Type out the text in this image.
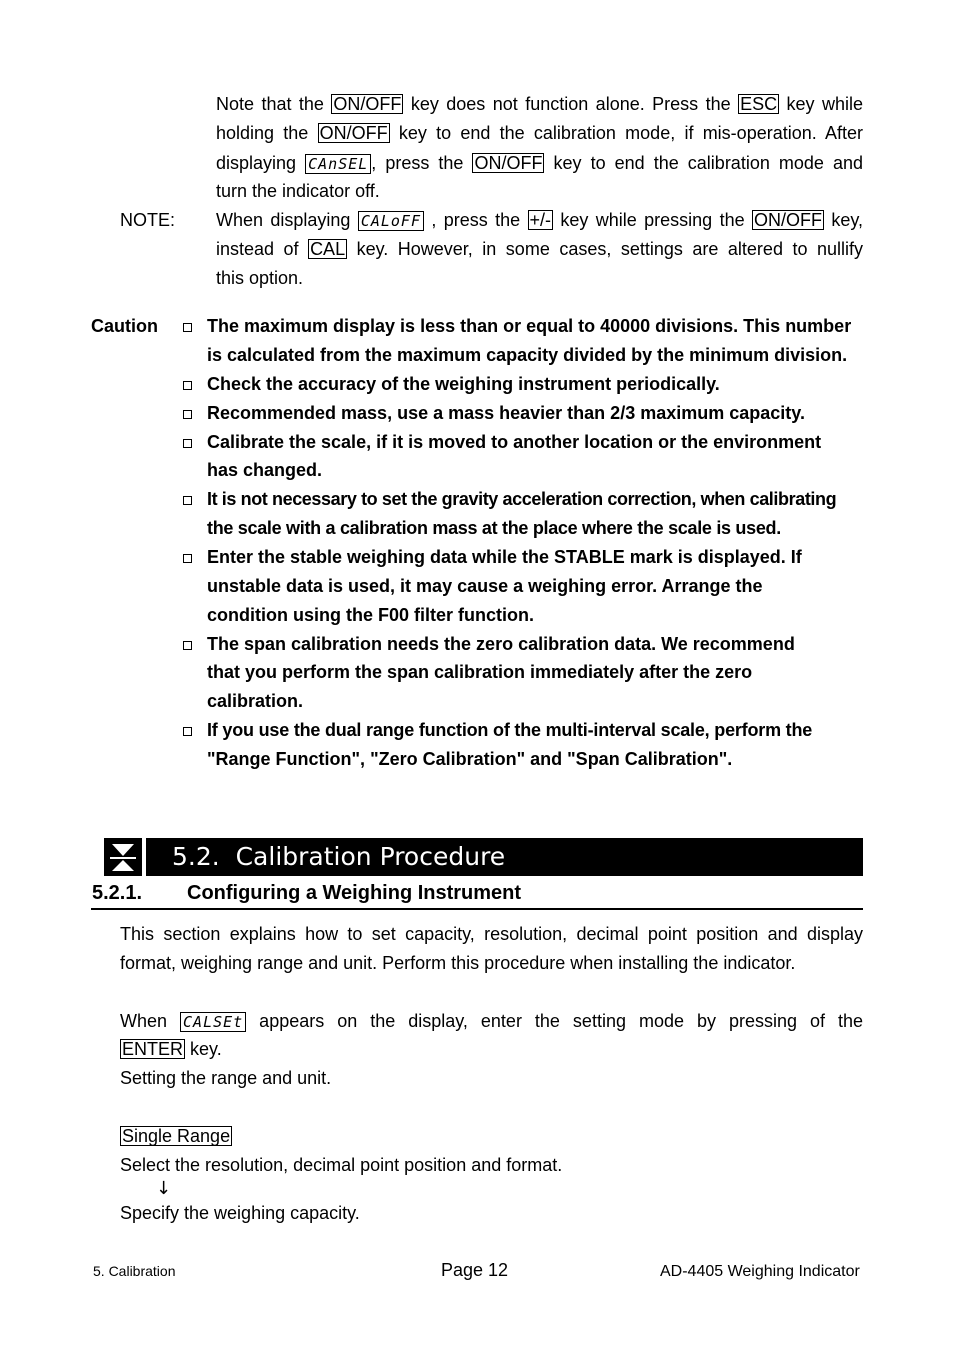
Note that the ON/OFF key does not function alone. Press the ESC key while
holding the ON/OFF key to end the calibration mode, if mis-operation. After
displaying CAnSEL , press the ON/OFF key to end the calibration mode and
turn the indicator off.
NOTE: When displaying CALoFF , press the +/- key while pressing the ON/OFF key,
instead of CAL key. However, in some cases, settings are altered to nullify
this option.
Caution	The maximum display is less than or equal to 40000 divisions. This number
is calculated from the maximum capacity divided by the minimum division.
Check the accuracy of the weighing instrument periodically.
Recommended mass, use a mass heavier than 2/3 maximum capacity.
Calibrate the scale, if it is moved to another location or the environment
has changed.
It is not necessary to set the gravity acceleration correction, when calibrating
the scale with a calibration mass at the place where the scale is used.
Enter the stable weighing data while the STABLE mark is displayed. If
unstable data is used, it may cause a weighing error. Arrange the
condition using the F00 filter function.
The span calibration needs the zero calibration data. We recommend
that you perform the span calibration immediately after the zero
calibration.
If you use the dual range function of the multi-interval scale, perform the
"Range Function", "Zero Calibration" and "Span Calibration".
5.2.  Calibration Procedure
5.2.1. Configuring a Weighing Instrument
This section explains how to set capacity, resolution, decimal point position and display
format, weighing range and unit. Perform this procedure when installing the indicator.
When CALSEt appears on the display, enter the setting mode by pressing of the
ENTER key.
Setting the range and unit.
Single Range
Select the resolution, decimal point position and format.
↓
Specify the weighing capacity.
5. Calibration	Page 12	AD-4405 Weighing Indicator
